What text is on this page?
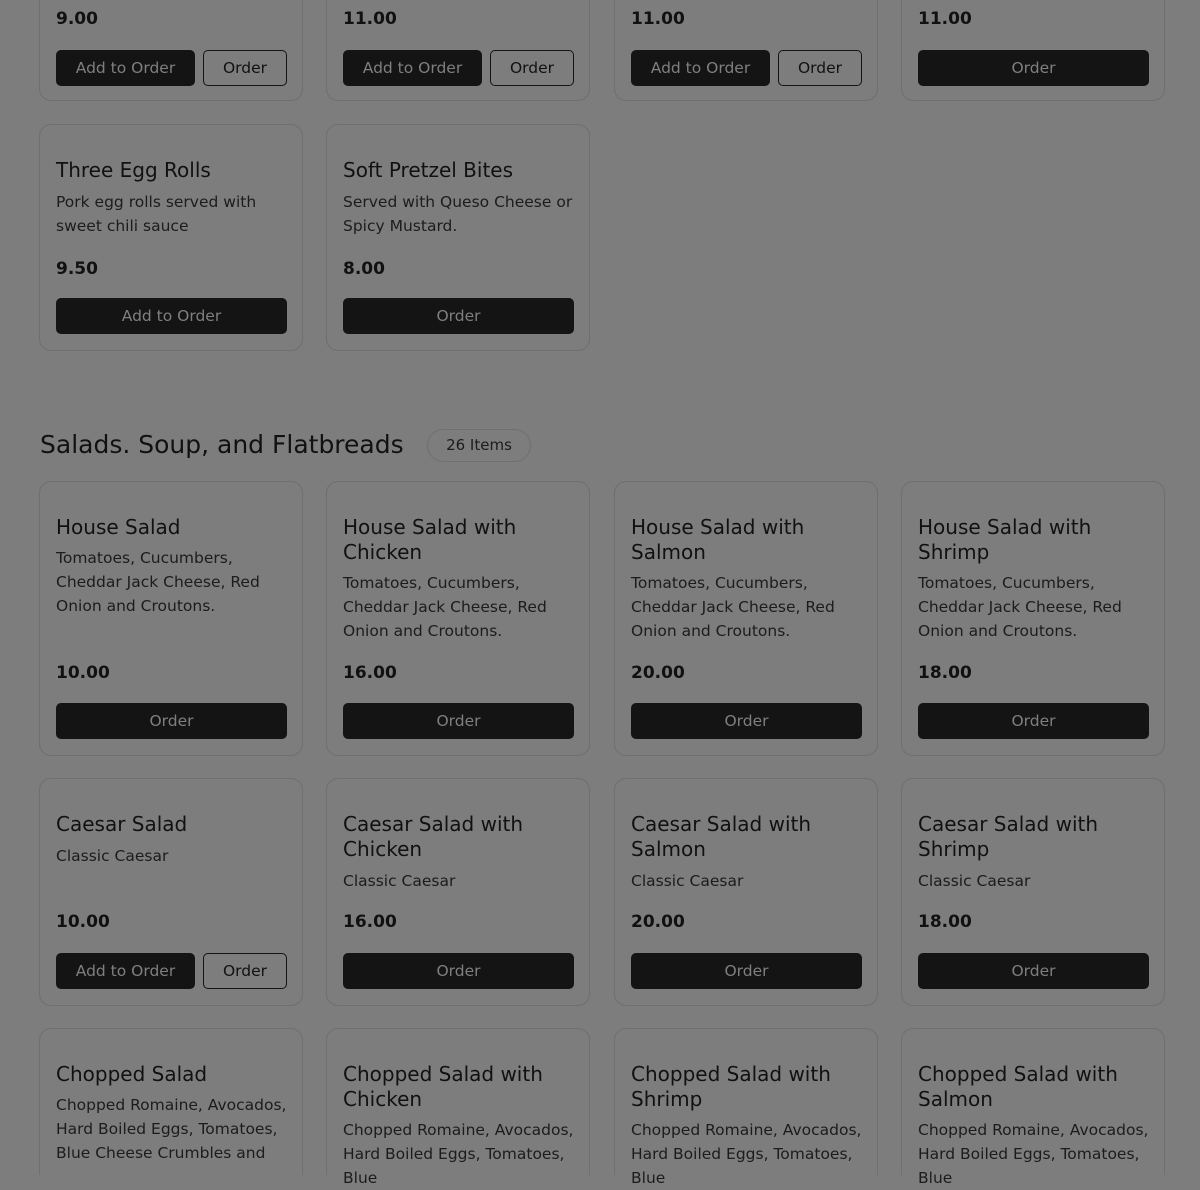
9.00
Add to Order	Order
11.00
Add to Order	Order
11.00
Add to Order	Order
11.00
Order
Three Egg Rolls
Pork egg rolls served with sweet chili sauce
9.50
Add to Order
Soft Pretzel Bites
Served with Queso Cheese or Spicy Mustard.
8.00
Order
Salads. Soup, and Flatbreads	26 Items
House Salad
Tomatoes, Cucumbers, Cheddar Jack Cheese, Red Onion and Croutons.
10.00
Order
House Salad with Chicken
Tomatoes, Cucumbers, Cheddar Jack Cheese, Red Onion and Croutons.
16.00
Order
House Salad with Salmon
Tomatoes, Cucumbers, Cheddar Jack Cheese, Red Onion and Croutons.
20.00
Order
House Salad with Shrimp
Tomatoes, Cucumbers, Cheddar Jack Cheese, Red Onion and Croutons.
18.00
Order
Caesar Salad
Classic Caesar
10.00
Add to Order	Order
Caesar Salad with Chicken
Classic Caesar
16.00
Order
Caesar Salad with Salmon
Classic Caesar
20.00
Order
Caesar Salad with Shrimp
Classic Caesar
18.00
Order
Chopped Salad
Chopped Romaine, Avocados, Hard Boiled Eggs, Tomatoes, Blue Cheese Crumbles and
Chopped Salad with Chicken
Chopped Romaine, Avocados, Hard Boiled Eggs, Tomatoes, Blue
Chopped Salad with Shrimp
Chopped Romaine, Avocados, Hard Boiled Eggs, Tomatoes, Blue
Chopped Salad with Salmon
Chopped Romaine, Avocados, Hard Boiled Eggs, Tomatoes, Blue
